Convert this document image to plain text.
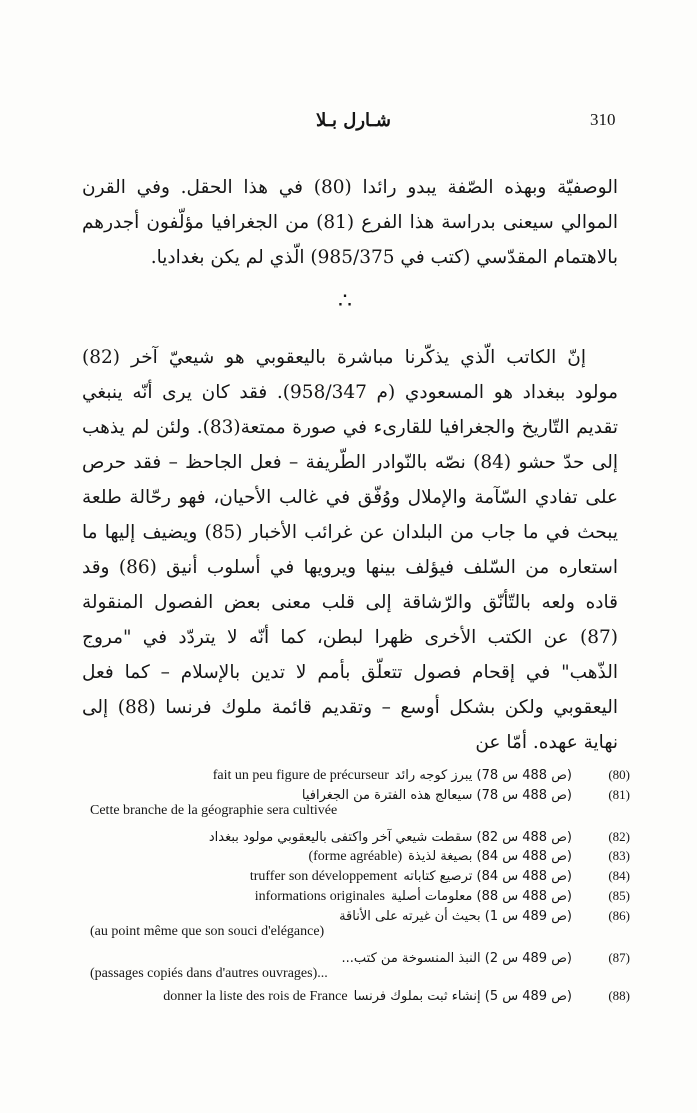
310
شـارل بـلا

الوصفيّة وبهذه الصّفة يبدو رائدا (80) في هذا الحقل. وفي القرن الموالي سيعنى بدراسة هذا الفرع (81) من الجغرافيا مؤلّفون أجدرهم بالاهتمام المقدّسي (كتب في 985/375) الّذي لم يكن بغداديا.

∴

إنّ الكاتب الّذي يذكّرنا مباشرة باليعقوبي هو شيعيّ آخر (82) مولود ببغداد هو المسعودي (م 958/347). فقد كان يرى أنّه ينبغي تقديم التّاريخ والجغرافيا للقارىء في صورة ممتعة(83). ولئن لم يذهب إلى حدّ حشو (84) نصّه بالنّوادر الطّريفة – فعل الجاحظ – فقد حرص على تفادي السّآمة والإملال ووُفّق في غالب الأحيان، فهو رحّالة طلعة يبحث في ما جاب من البلدان عن غرائب الأخبار (85) ويضيف إليها ما استعاره من السّلف فيؤلف بينها ويرويها في أسلوب أنيق (86) وقد قاده ولعه بالتّأنّق والرّشاقة إلى قلب معنى بعض الفصول المنقولة (87) عن الكتب الأخرى ظهرا لبطن، كما أنّه لا يتردّد في "مروج الذّهب" في إقحام فصول تتعلّق بأمم لا تدين بالإسلام – كما فعل اليعقوبي ولكن بشكل أوسع – وتقديم قائمة ملوك فرنسا (88) إلى نهاية عهده. أمّا عن

(80)
(ص 488 س 78) يبرز كوجه رائد
fait un peu figure de précurseur
(81)
(ص 488 س 78) سيعالج هذه الفترة من الجغرافيا
Cette branche de la géographie sera cultivée
(82)
(ص 488 س 82) سقطت شيعي آخر واكتفى باليعقوبي مولود ببغداد
(83)
(ص 488 س 84) بصيغة لذيذة
(forme agréable)
(84)
(ص 488 س 84) ترصيع كتاباته
truffer son développement
(85)
(ص 488 س 88) معلومات أصلية
informations originales
(86)
(ص 489 س 1) بحيث أن غيرته على الأناقة
(au point même que son souci d'elégance)
(87)
(ص 489 س 2) النبذ المنسوخة من كتب...
(passages copiés dans d'autres ouvrages)...
(88)
(ص 489 س 5) إنشاء ثبت بملوك فرنسا
donner la liste des rois de France
